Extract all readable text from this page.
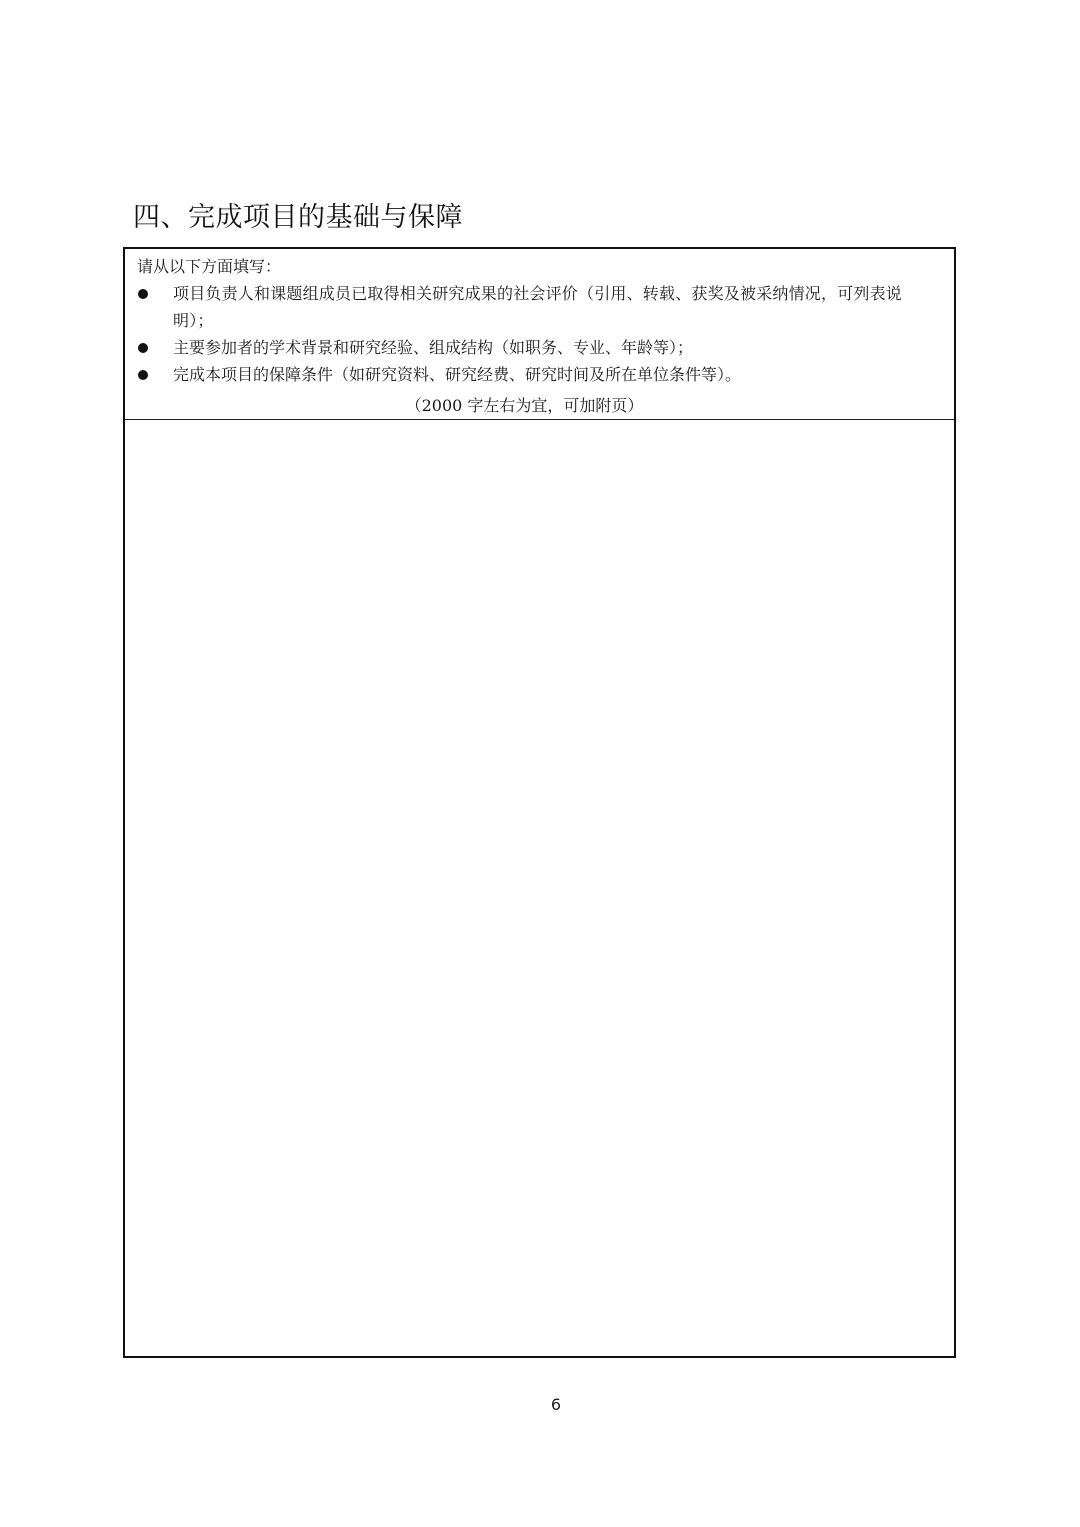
四、完成项目的基础与保障

请从以下方面填写：

项目负责人和课题组成员已取得相关研究成果的社会评价（引用、转载、获奖及被采纳情况，可列表说明）；
主要参加者的学术背景和研究经验、组成结构（如职务、专业、年龄等）；
完成本项目的保障条件（如研究资料、研究经费、研究时间及所在单位条件等）。

（2000 字左右为宜，可加附页）

6
